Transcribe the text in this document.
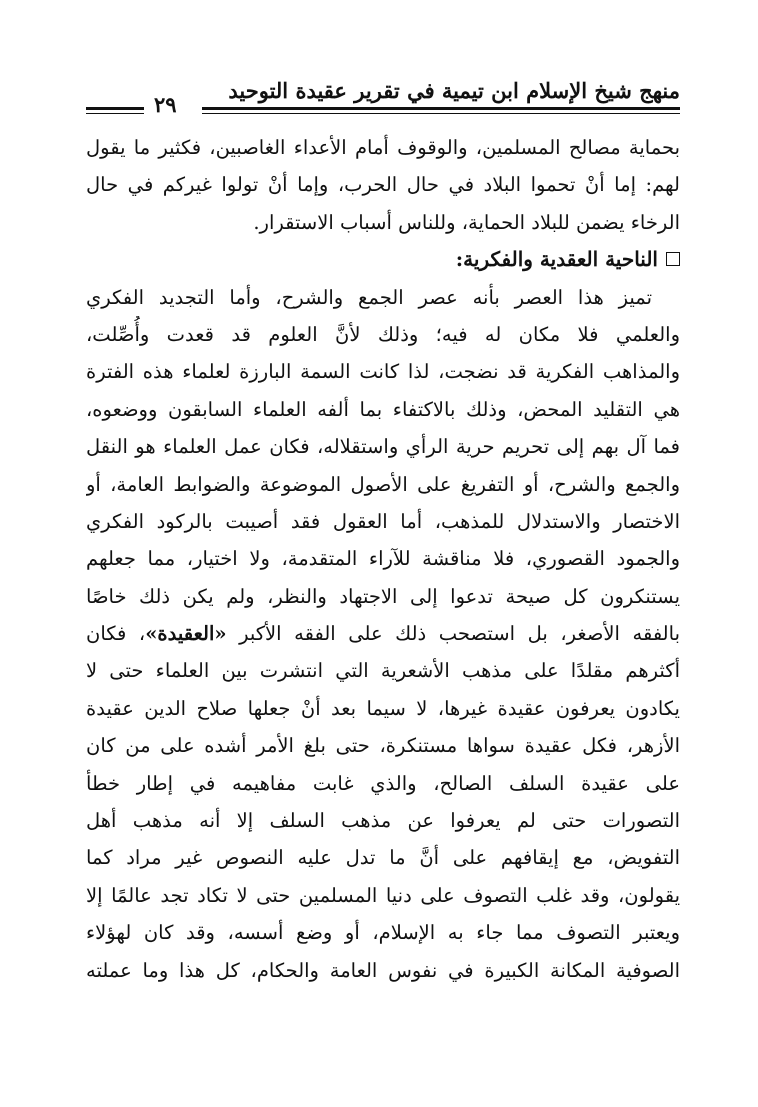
منهج شيخ الإسلام ابن تيمية في تقرير عقيدة التوحيد
٢٩
بحماية مصالح المسلمين، والوقوف أمام الأعداء الغاصبين، فكثير ما يقول
لهم: إما أنْ تحموا البلاد في حال الحرب، وإما أنْ تولوا غيركم في حال
الرخاء يضمن للبلاد الحماية، وللناس أسباب الاستقرار.
الناحية العقدية والفكرية:
تميز هذا العصر بأنه عصر الجمع والشرح، وأما التجديد الفكري
والعلمي فلا مكان له فيه؛ وذلك لأنَّ العلوم قد قعدت وأُصِّلت،
والمذاهب الفكرية قد نضجت، لذا كانت السمة البارزة لعلماء هذه الفترة
هي التقليد المحض، وذلك بالاكتفاء بما ألفه العلماء السابقون ووضعوه،
فما آل بهم إلى تحريم حرية الرأي واستقلاله، فكان عمل العلماء هو النقل
والجمع والشرح، أو التفريغ على الأصول الموضوعة والضوابط العامة، أو
الاختصار والاستدلال للمذهب، أما العقول فقد أصيبت بالركود الفكري
والجمود القصوري، فلا مناقشة للآراء المتقدمة، ولا اختيار، مما جعلهم
يستنكرون كل صيحة تدعوا إلى الاجتهاد والنظر، ولم يكن ذلك خاصًا
بالفقه الأصغر، بل استصحب ذلك على الفقه الأكبر «العقيدة»، فكان
أكثرهم مقلدًا على مذهب الأشعرية التي انتشرت بين العلماء حتى لا
يكادون يعرفون عقيدة غيرها، لا سيما بعد أنْ جعلها صلاح الدين عقيدة
الأزهر، فكل عقيدة سواها مستنكرة، حتى بلغ الأمر أشده على من كان
على عقيدة السلف الصالح، والذي غابت مفاهيمه في إطار خطأ
التصورات حتى لم يعرفوا عن مذهب السلف إلا أنه مذهب أهل
التفويض، مع إيقافهم على أنَّ ما تدل عليه النصوص غير مراد كما
يقولون، وقد غلب التصوف على دنيا المسلمين حتى لا تكاد تجد عالمًا إلا
ويعتبر التصوف مما جاء به الإسلام، أو وضع أسسه، وقد كان لهؤلاء
الصوفية المكانة الكبيرة في نفوس العامة والحكام، كل هذا وما عملته
